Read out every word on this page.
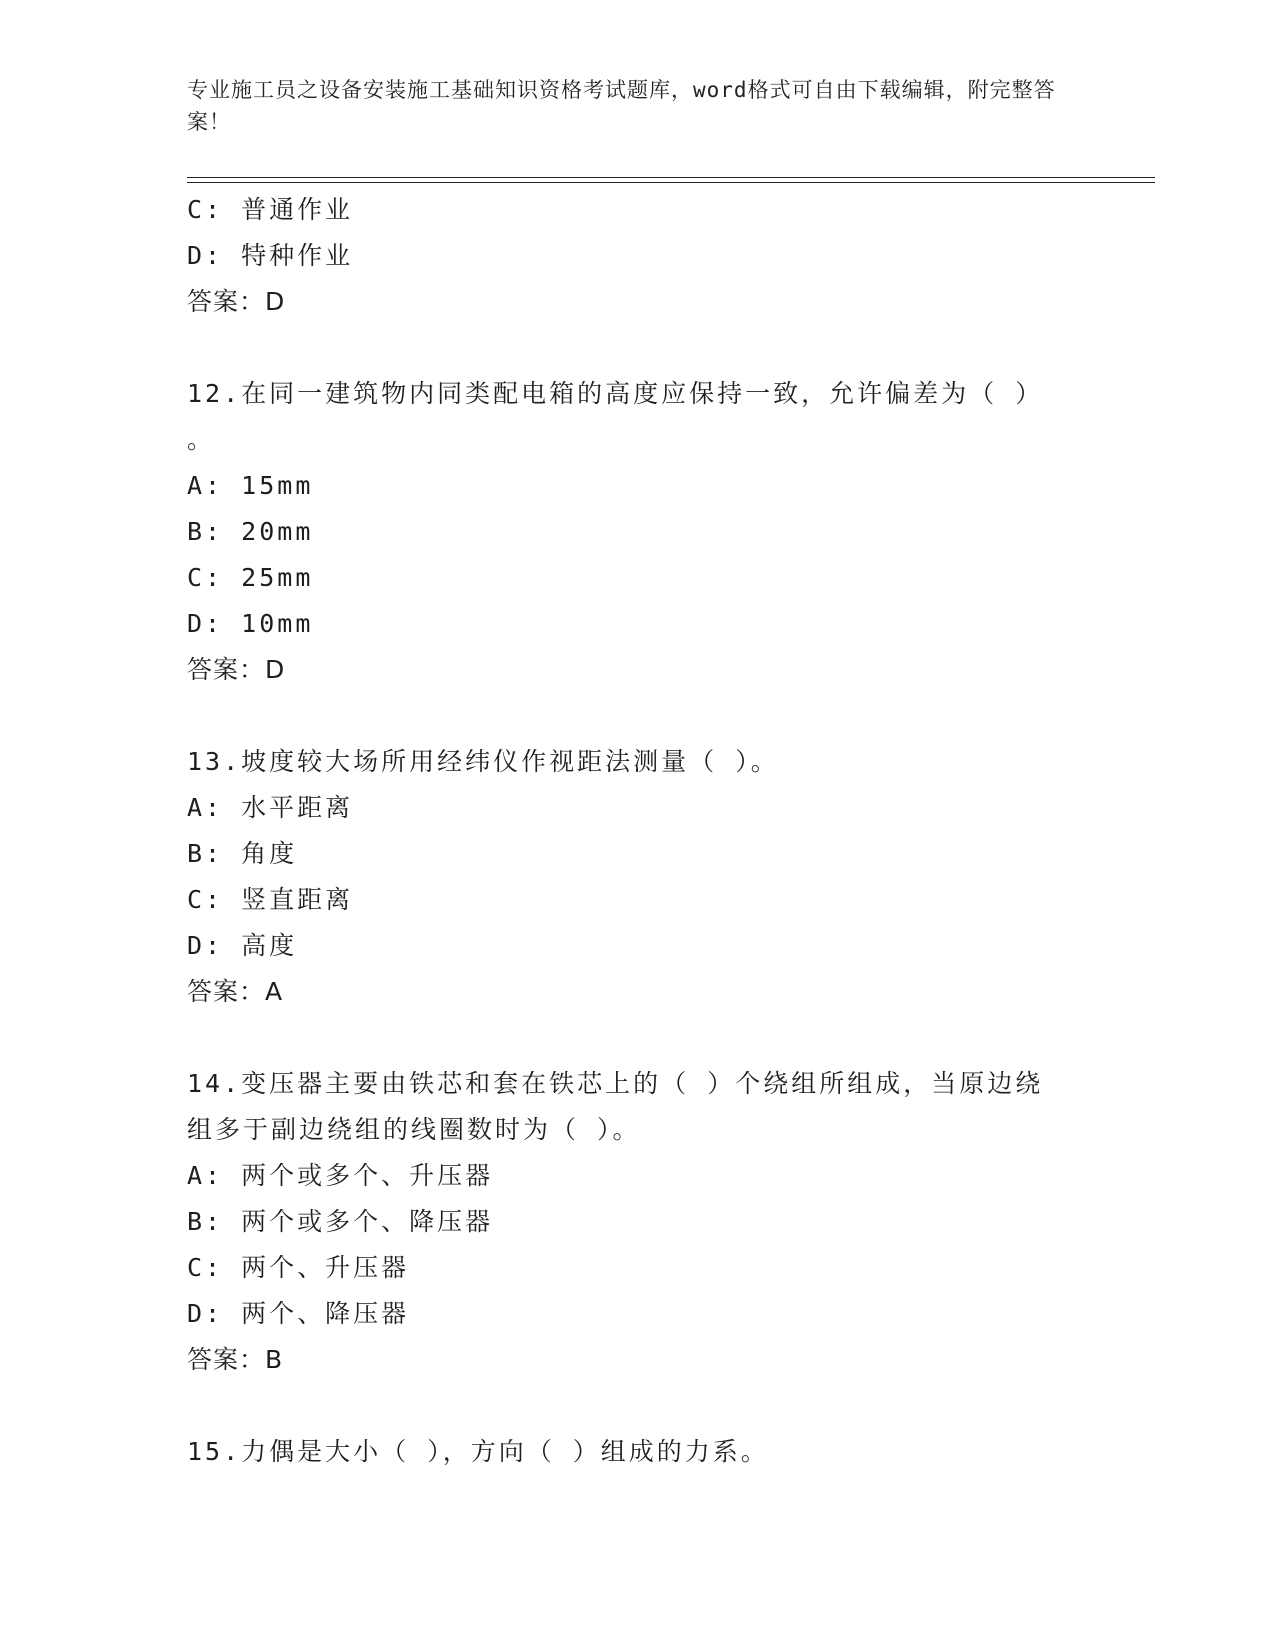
专业施工员之设备安装施工基础知识资格考试题库，word格式可自由下载编辑，附完整答案！
C: 普通作业
D: 特种作业
答案：D
12.在同一建筑物内同类配电箱的高度应保持一致，允许偏差为（ ）
。
A: 15mm
B: 20mm
C: 25mm
D: 10mm
答案：D
13.坡度较大场所用经纬仪作视距法测量（ ）。
A: 水平距离
B: 角度
C: 竖直距离
D: 高度
答案：A
14.变压器主要由铁芯和套在铁芯上的（ ）个绕组所组成，当原边绕
组多于副边绕组的线圈数时为（ ）。
A: 两个或多个、升压器
B: 两个或多个、降压器
C: 两个、升压器
D: 两个、降压器
答案：B
15.力偶是大小（ ），方向（ ）组成的力系。
